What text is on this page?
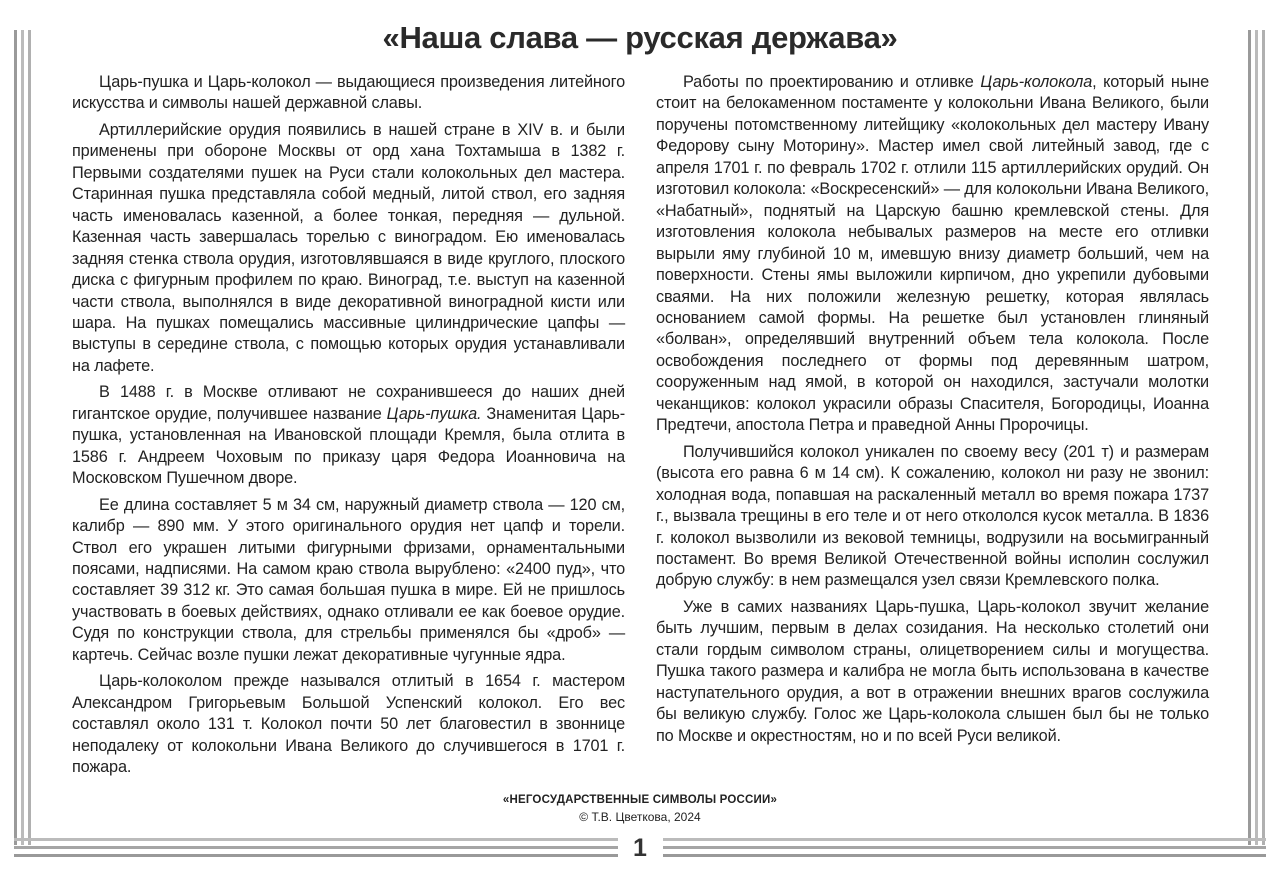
«Наша слава — русская держава»

Царь-пушка и Царь-колокол — выдающиеся произведения литейного искусства и символы нашей державной славы.

Артиллерийские орудия появились в нашей стране в XIV в. и были применены при обороне Москвы от орд хана Тохтамыша в 1382 г. Первыми создателями пушек на Руси стали колокольных дел мастера. Старинная пушка представляла собой медный, литой ствол, его задняя часть именовалась казенной, а более тонкая, передняя — дульной. Казенная часть завершалась торелью с виноградом. Ею именовалась задняя стенка ствола орудия, изготовлявшаяся в виде круглого, плоского диска с фигурным профилем по краю. Виноград, т.е. выступ на казенной части ствола, выполнялся в виде декоративной виноградной кисти или шара. На пушках помещались массивные цилиндрические цапфы — выступы в середине ствола, с помощью которых орудия устанавливали на лафете.

В 1488 г. в Москве отливают не сохранившееся до наших дней гигантское орудие, получившее название Царь-пушка. Знаменитая Царь-пушка, установленная на Ивановской площади Кремля, была отлита в 1586 г. Андреем Чоховым по приказу царя Федора Иоанновича на Московском Пушечном дворе.

Ее длина составляет 5 м 34 см, наружный диаметр ствола — 120 см, калибр — 890 мм. У этого оригинального орудия нет цапф и торели. Ствол его украшен литыми фигурными фризами, орнаментальными поясами, надписями. На самом краю ствола вырублено: «2400 пуд», что составляет 39 312 кг. Это самая большая пушка в мире. Ей не пришлось участвовать в боевых действиях, однако отливали ее как боевое орудие. Судя по конструкции ствола, для стрельбы применялся бы «дроб» — картечь. Сейчас возле пушки лежат декоративные чугунные ядра.

Царь-колоколом прежде назывался отлитый в 1654 г. мастером Александром Григорьевым Большой Успенский колокол. Его вес составлял около 131 т. Колокол почти 50 лет благовестил в звоннице неподалеку от колокольни Ивана Великого до случившегося в 1701 г. пожара.

Работы по проектированию и отливке Царь-колокола, который ныне стоит на белокаменном постаменте у колокольни Ивана Великого, были поручены потомственному литейщику «колокольных дел мастеру Ивану Федорову сыну Моторину». Мастер имел свой литейный завод, где с апреля 1701 г. по февраль 1702 г. отлили 115 артиллерийских орудий. Он изготовил колокола: «Воскресенский» — для колокольни Ивана Великого, «Набатный», поднятый на Царскую башню кремлевской стены. Для изготовления колокола небывалых размеров на месте его отливки вырыли яму глубиной 10 м, имевшую внизу диаметр больший, чем на поверхности. Стены ямы выложили кирпичом, дно укрепили дубовыми сваями. На них положили железную решетку, которая являлась основанием самой формы. На решетке был установлен глиняный «болван», определявший внутренний объем тела колокола. После освобождения последнего от формы под деревянным шатром, сооруженным над ямой, в которой он находился, застучали молотки чеканщиков: колокол украсили образы Спасителя, Богородицы, Иоанна Предтечи, апостола Петра и праведной Анны Пророчицы.

Получившийся колокол уникален по своему весу (201 т) и размерам (высота его равна 6 м 14 см). К сожалению, колокол ни разу не звонил: холодная вода, попавшая на раскаленный металл во время пожара 1737 г., вызвала трещины в его теле и от него откололся кусок металла. В 1836 г. колокол вызволили из вековой темницы, водрузили на восьмигранный постамент. Во время Великой Отечественной войны исполин сослужил добрую службу: в нем размещался узел связи Кремлевского полка.

Уже в самих названиях Царь-пушка, Царь-колокол звучит желание быть лучшим, первым в делах созидания. На несколько столетий они стали гордым символом страны, олицетворением силы и могущества. Пушка такого размера и калибра не могла быть использована в качестве наступательного орудия, а вот в отражении внешних врагов сослужила бы великую службу. Голос же Царь-колокола слышен был бы не только по Москве и окрестностям, но и по всей Руси великой.

«НЕГОСУДАРСТВЕННЫЕ СИМВОЛЫ РОССИИ»
© Т.В. Цветкова, 2024
1
